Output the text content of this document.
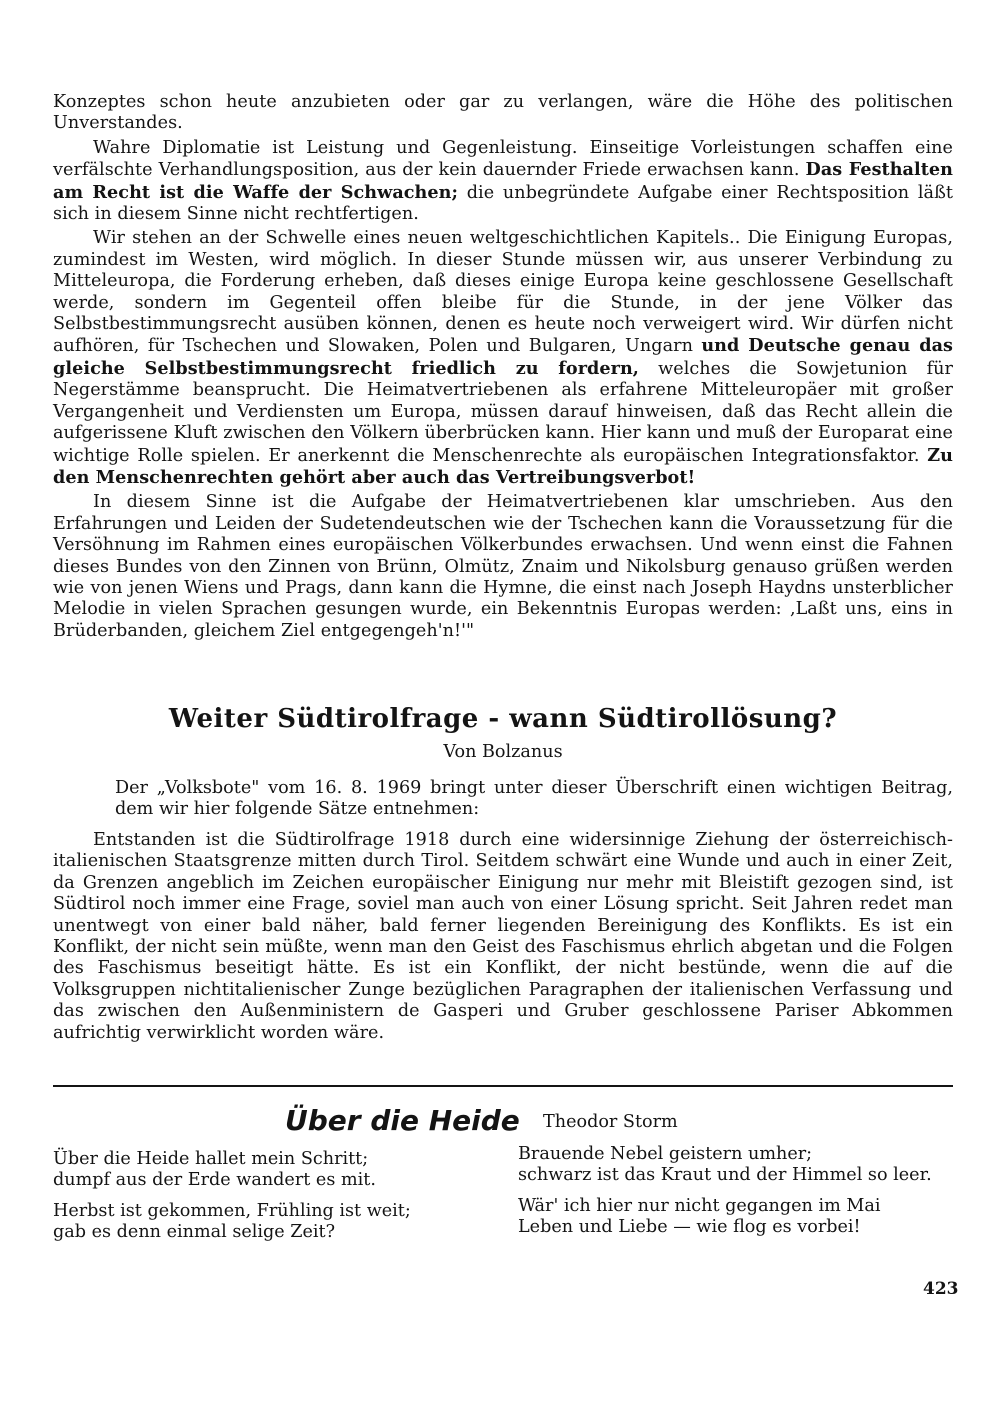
Konzeptes schon heute anzubieten oder gar zu verlangen, wäre die Höhe des politischen Unverstandes.

Wahre Diplomatie ist Leistung und Gegenleistung. Einseitige Vorleistungen schaffen eine verfälschte Verhandlungsposition, aus der kein dauernder Friede erwachsen kann. Das Festhalten am Recht ist die Waffe der Schwachen; die unbegründete Aufgabe einer Rechtsposition läßt sich in diesem Sinne nicht rechtfertigen.

Wir stehen an der Schwelle eines neuen weltgeschichtlichen Kapitels.. Die Einigung Europas, zumindest im Westen, wird möglich. In dieser Stunde müssen wir, aus unserer Verbindung zu Mitteleuropa, die Forderung erheben, daß dieses einige Europa keine geschlossene Gesellschaft werde, sondern im Gegenteil offen bleibe für die Stunde, in der jene Völker das Selbstbestimmungsrecht ausüben können, denen es heute noch verweigert wird. Wir dürfen nicht aufhören, für Tschechen und Slowaken, Polen und Bulgaren, Ungarn und Deutsche genau das gleiche Selbstbestimmungsrecht friedlich zu fordern, welches die Sowjetunion für Negerstämme beansprucht. Die Heimatvertriebenen als erfahrene Mitteleuropäer mit großer Vergangenheit und Verdiensten um Europa, müssen darauf hinweisen, daß das Recht allein die aufgerissene Kluft zwischen den Völkern überbrücken kann. Hier kann und muß der Europarat eine wichtige Rolle spielen. Er anerkennt die Menschenrechte als europäischen Integrationsfaktor. Zu den Menschenrechten gehört aber auch das Vertreibungsverbot!

In diesem Sinne ist die Aufgabe der Heimatvertriebenen klar umschrieben. Aus den Erfahrungen und Leiden der Sudetendeutschen wie der Tschechen kann die Voraussetzung für die Versöhnung im Rahmen eines europäischen Völkerbundes erwachsen. Und wenn einst die Fahnen dieses Bundes von den Zinnen von Brünn, Olmütz, Znaim und Nikolsburg genauso grüßen werden wie von jenen Wiens und Prags, dann kann die Hymne, die einst nach Joseph Haydns unsterblicher Melodie in vielen Sprachen gesungen wurde, ein Bekenntnis Europas werden: ‚Laßt uns, eins in Brüderbanden, gleichem Ziel entgegengeh'n!'"

Weiter Südtirolfrage - wann Südtirollösung?
Von Bolzanus
Der „Volksbote" vom 16. 8. 1969 bringt unter dieser Überschrift einen wichtigen Beitrag, dem wir hier folgende Sätze entnehmen:

Entstanden ist die Südtirolfrage 1918 durch eine widersinnige Ziehung der österreichisch-italienischen Staatsgrenze mitten durch Tirol. Seitdem schwärt eine Wunde und auch in einer Zeit, da Grenzen angeblich im Zeichen europäischer Einigung nur mehr mit Bleistift gezogen sind, ist Südtirol noch immer eine Frage, soviel man auch von einer Lösung spricht. Seit Jahren redet man unentwegt von einer bald näher, bald ferner liegenden Bereinigung des Konflikts. Es ist ein Konflikt, der nicht sein müßte, wenn man den Geist des Faschismus ehrlich abgetan und die Folgen des Faschismus beseitigt hätte. Es ist ein Konflikt, der nicht bestünde, wenn die auf die Volksgruppen nichtitalienischer Zunge bezüglichen Paragraphen der italienischen Verfassung und das zwischen den Außenministern de Gasperi und Gruber geschlossene Pariser Abkommen aufrichtig verwirklicht worden wäre.

Über die Heide Theodor Storm
Über die Heide hallet mein Schritt;
dumpf aus der Erde wandert es mit.
Herbst ist gekommen, Frühling ist weit;
gab es denn einmal selige Zeit?
Brauende Nebel geistern umher;
schwarz ist das Kraut und der Himmel so leer.
Wär' ich hier nur nicht gegangen im Mai
Leben und Liebe — wie flog es vorbei!
423
